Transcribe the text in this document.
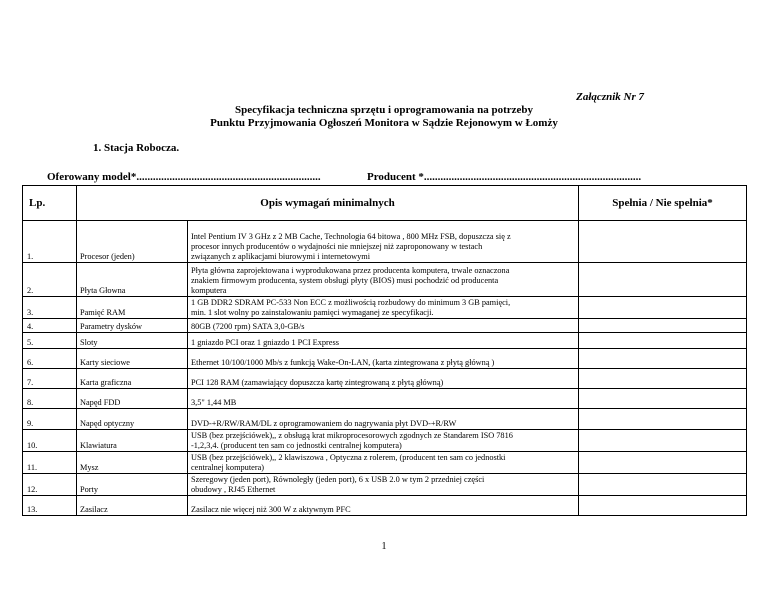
Załącznik Nr 7
Specyfikacja techniczna sprzętu i oprogramowania na potrzeby
Punktu Przyjmowania Ogłoszeń Monitora w Sądzie Rejonowym w Łomży
1. Stacja Robocza.
Oferowany model*...................................................................	Producent *...............................................................................
Lp.	Opis wymagań minimalnych		Spełnia / Nie spełnia*
1.	Procesor (jeden)	Intel Pentium IV 3 GHz z 2 MB Cache, Technologia 64 bitowa , 800 MHz FSB, dopuszcza się z
procesor innych producentów o wydajności nie mniejszej niż zaproponowany w testach
związanych z aplikacjami biurowymi i internetowymi	

2.	Płyta Głowna	Płyta główna zaprojektowana i wyprodukowana przez producenta komputera, trwale oznaczona
znakiem firmowym producenta, system obsługi płyty (BIOS) musi pochodzić od producenta
komputera	

3.	Pamięć RAM	1 GB DDR2 SDRAM PC-533 Non ECC z możliwością rozbudowy do minimum 3 GB pamięci,
min. 1 slot wolny po zainstalowaniu pamięci wymaganej ze specyfikacji.	

4.	Parametry dysków	80GB (7200 rpm) SATA 3,0-GB/s	

5.	Sloty	1 gniazdo PCI oraz 1 gniazdo 1 PCI Express	

6.	Karty sieciowe	Ethernet 10/100/1000 Mb/s z funkcją Wake-On-LAN, (karta zintegrowana z płytą główną )	

7.	Karta graficzna	PCI 128 RAM (zamawiający dopuszcza kartę zintegrowaną z płytą główną)	

8.	Napęd FDD	3,5" 1,44 MB	

9.	Napęd optyczny	DVD-+R/RW/RAM/DL z oprogramowaniem do nagrywania płyt DVD-+R/RW	

10.	Klawiatura	USB (bez przejściówek),, z obsługą krat mikroprocesorowych zgodnych ze Standarem ISO 7816
-1,2,3,4. (producent ten sam co jednostki centralnej komputera)	

11.	Mysz	USB (bez przejściówek),, 2 klawiszowa , Optyczna z rolerem, (producent ten sam co jednostki
centralnej komputera)	

12.	Porty	Szeregowy (jeden port), Równoległy (jeden port), 6 x USB 2.0 w tym 2 przedniej części
obudowy , RJ45 Ethernet	

13.	Zasilacz	Zasilacz nie więcej niż 300 W z aktywnym PFC	

1
